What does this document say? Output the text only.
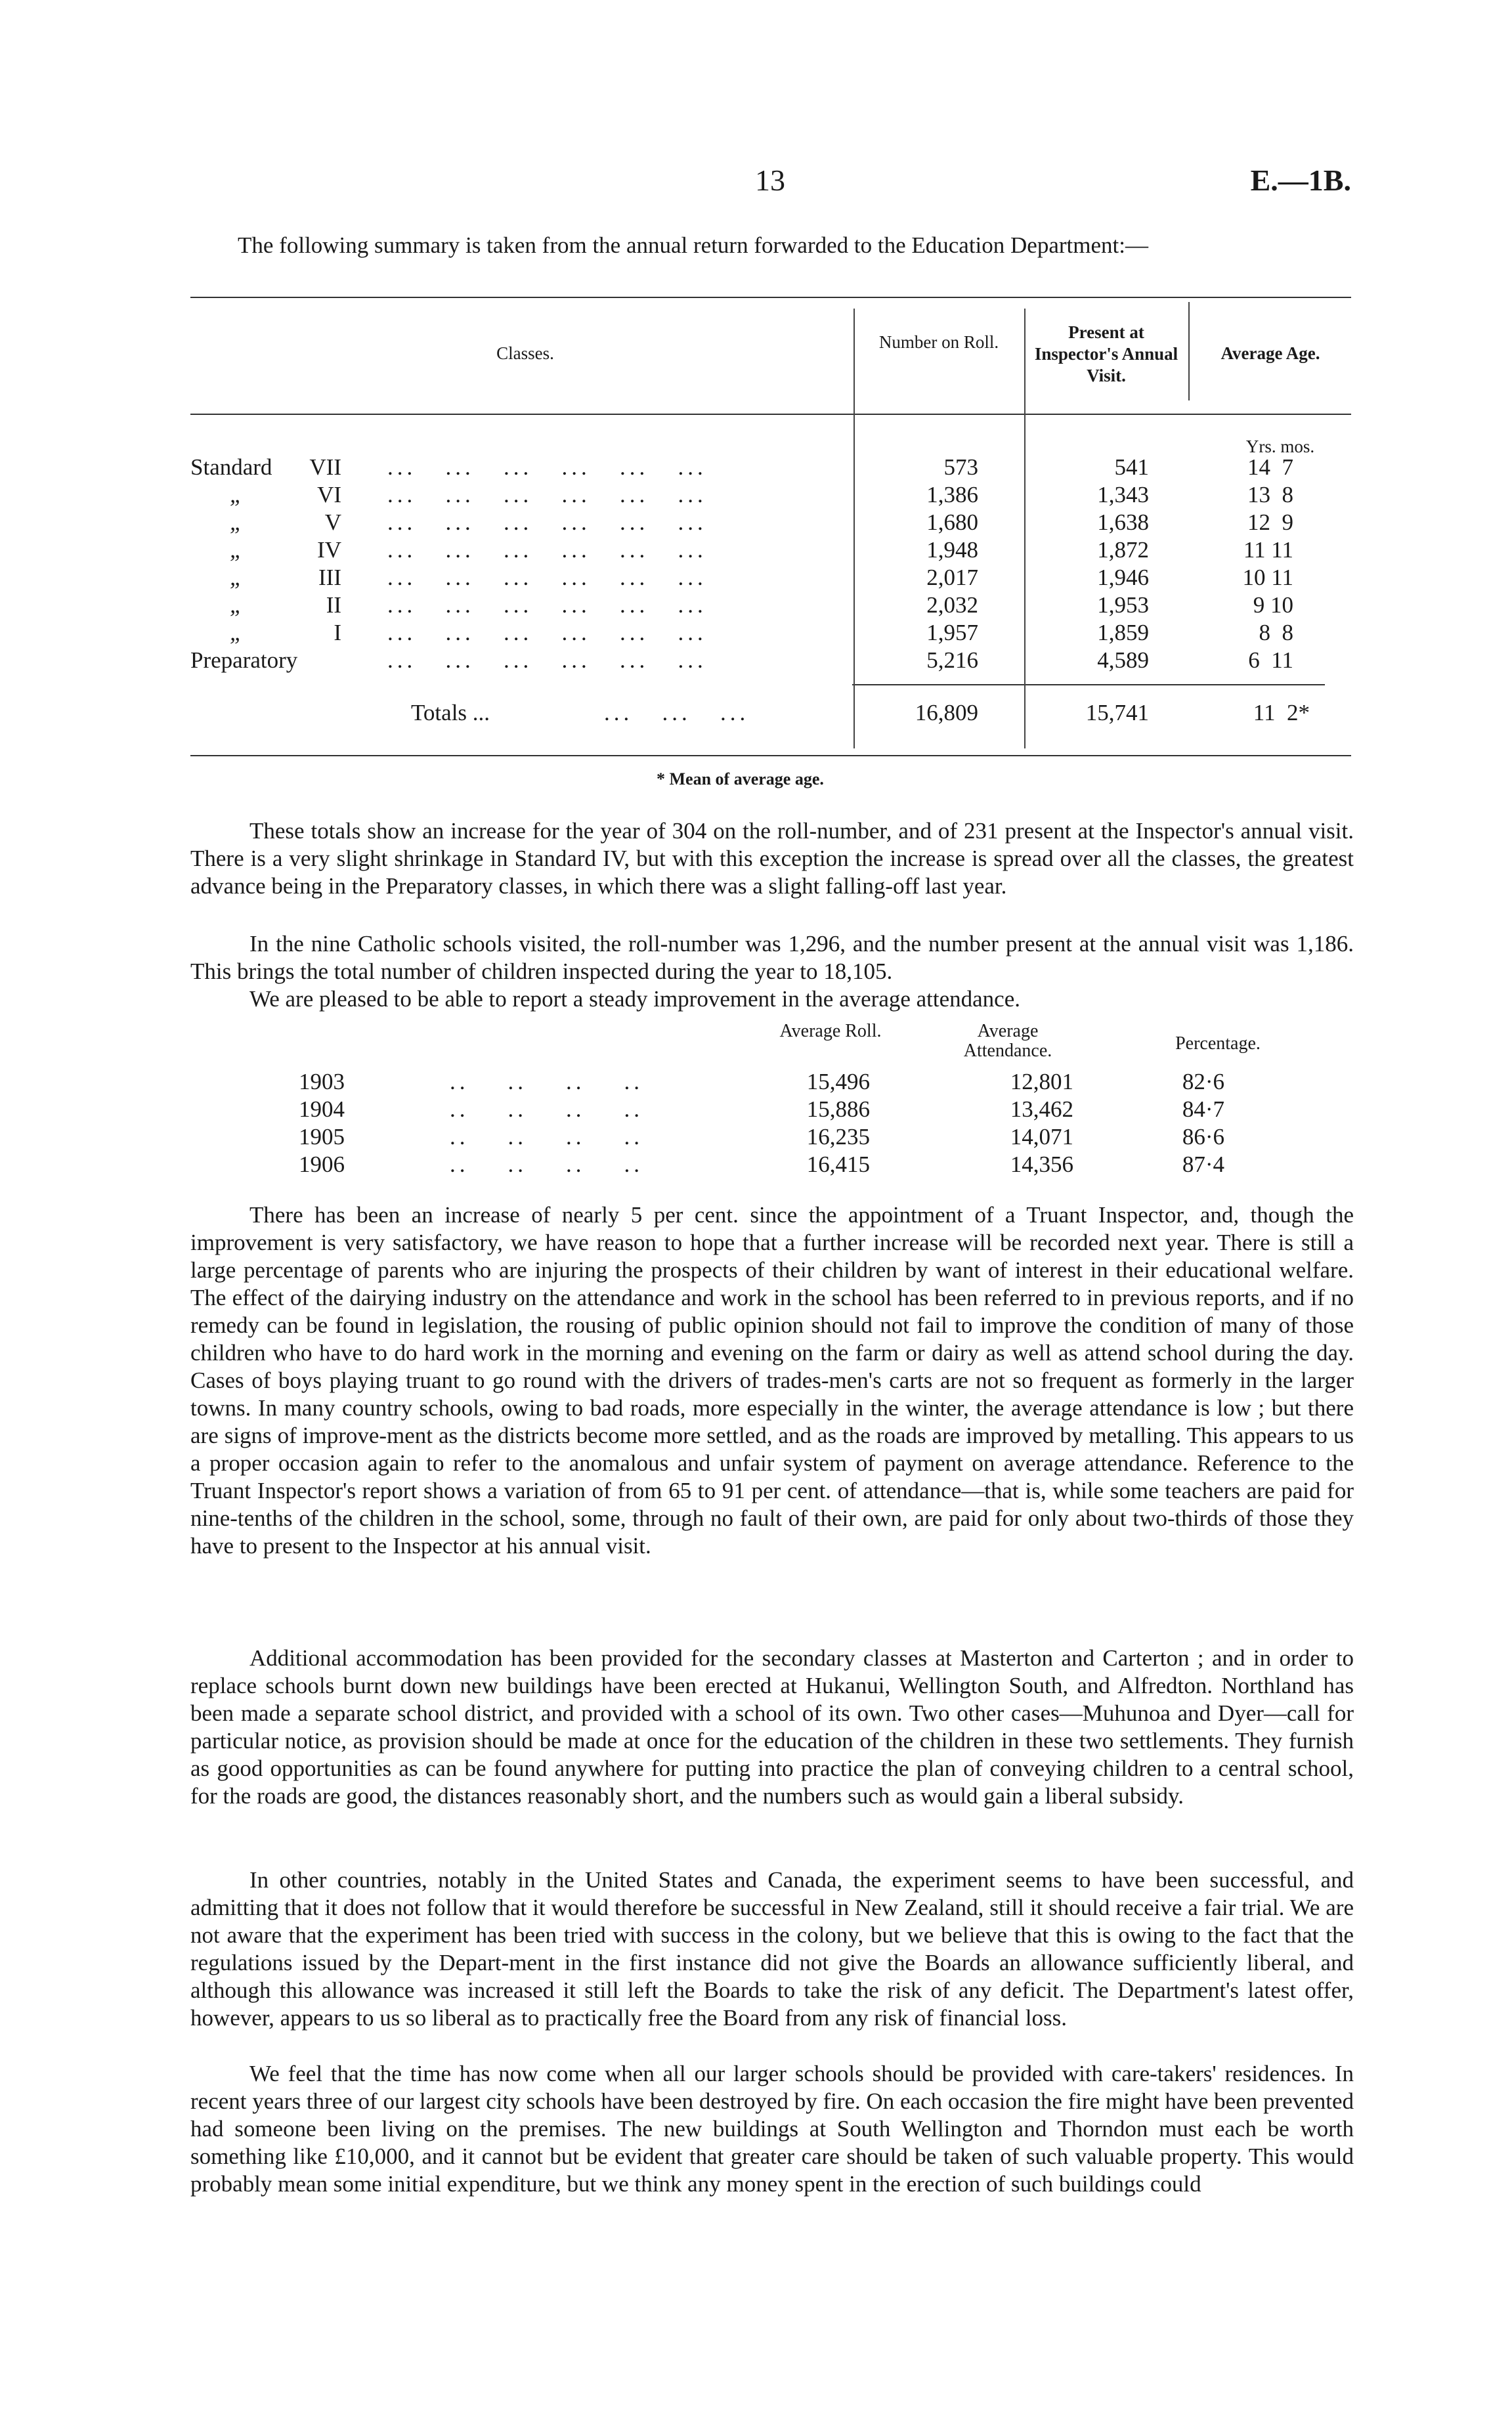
13	E.—1B.

The following summary is taken from the annual return forwarded to the Education Department:—

Classes.
Number on Roll.	Present at Inspector's Annual Visit.
Average Age.
Yrs. mos.
Standard	VII ...   ...   ...   ...   ...   ...	573	541	14  7
„	VI ...   ...   ...   ...   ...   ...	1,386	1,343	13  8
„	V ...   ...   ...   ...   ...   ...	1,680	1,638	12  9
„	IV ...   ...   ...   ...   ...   ...	1,948	1,872	11 11
„	III ...   ...   ...   ...   ...   ...	2,017	1,946	10 11
„	II ...   ...   ...   ...   ...   ...	2,032	1,953	9 10
„	I ...   ...   ...   ...   ...   ...	1,957	1,859	8  8
Preparatory	...   ...   ...   ...   ...   ...	5,216	4,589	6  11
Totals ...	...   ...   ...	16,809	15,741	11  2*
* Mean of average age.

These totals show an increase for the year of 304 on the roll-number, and of 231 present at the Inspector's annual visit. There is a very slight shrinkage in Standard IV, but with this exception the increase is spread over all the classes, the greatest advance being in the Preparatory classes, in which there was a slight falling-off last year.

In the nine Catholic schools visited, the roll-number was 1,296, and the number present at the annual visit was 1,186. This brings the total number of children inspected during the year to 18,105.

We are pleased to be able to report a steady improvement in the average attendance.

Average Roll.	Average Attendance.	Percentage.
1903	..    ..    ..    ..	15,496	12,801	82·6
1904	..    ..    ..    ..	15,886	13,462	84·7
1905	..    ..    ..    ..	16,235	14,071	86·6
1906	..    ..    ..    ..	16,415	14,356	87·4

There has been an increase of nearly 5 per cent. since the appointment of a Truant Inspector, and, though the improvement is very satisfactory, we have reason to hope that a further increase will be recorded next year. There is still a large percentage of parents who are injuring the prospects of their children by want of interest in their educational welfare. The effect of the dairying industry on the attendance and work in the school has been referred to in previous reports, and if no remedy can be found in legislation, the rousing of public opinion should not fail to improve the condition of many of those children who have to do hard work in the morning and evening on the farm or dairy as well as attend school during the day. Cases of boys playing truant to go round with the drivers of trades-men's carts are not so frequent as formerly in the larger towns. In many country schools, owing to bad roads, more especially in the winter, the average attendance is low ; but there are signs of improve-ment as the districts become more settled, and as the roads are improved by metalling. This appears to us a proper occasion again to refer to the anomalous and unfair system of payment on average attendance. Reference to the Truant Inspector's report shows a variation of from 65 to 91 per cent. of attendance—that is, while some teachers are paid for nine-tenths of the children in the school, some, through no fault of their own, are paid for only about two-thirds of those they have to present to the Inspector at his annual visit.

Additional accommodation has been provided for the secondary classes at Masterton and Carterton ; and in order to replace schools burnt down new buildings have been erected at Hukanui, Wellington South, and Alfredton. Northland has been made a separate school district, and provided with a school of its own. Two other cases—Muhunoa and Dyer—call for particular notice, as provision should be made at once for the education of the children in these two settlements. They furnish as good opportunities as can be found anywhere for putting into practice the plan of conveying children to a central school, for the roads are good, the distances reasonably short, and the numbers such as would gain a liberal subsidy.

In other countries, notably in the United States and Canada, the experiment seems to have been successful, and admitting that it does not follow that it would therefore be successful in New Zealand, still it should receive a fair trial. We are not aware that the experiment has been tried with success in the colony, but we believe that this is owing to the fact that the regulations issued by the Depart-ment in the first instance did not give the Boards an allowance sufficiently liberal, and although this allowance was increased it still left the Boards to take the risk of any deficit. The Department's latest offer, however, appears to us so liberal as to practically free the Board from any risk of financial loss.

We feel that the time has now come when all our larger schools should be provided with care-takers' residences. In recent years three of our largest city schools have been destroyed by fire. On each occasion the fire might have been prevented had someone been living on the premises. The new buildings at South Wellington and Thorndon must each be worth something like £10,000, and it cannot but be evident that greater care should be taken of such valuable property. This would probably mean some initial expenditure, but we think any money spent in the erection of such buildings could
